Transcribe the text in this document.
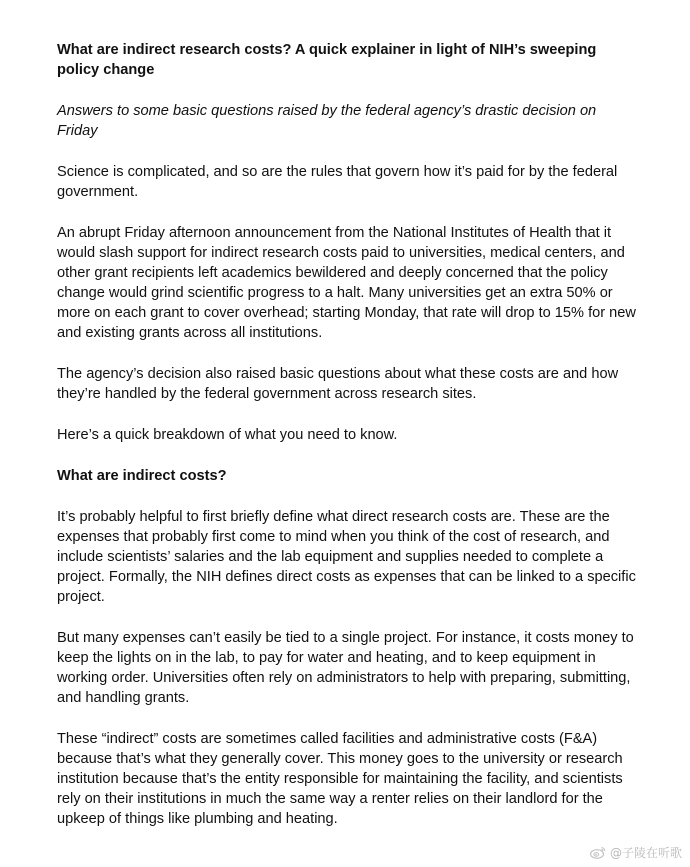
What are indirect research costs? A quick explainer in light of NIH’s sweeping policy change
Answers to some basic questions raised by the federal agency’s drastic decision on Friday

Science is complicated, and so are the rules that govern how it’s paid for by the federal government.

An abrupt Friday afternoon announcement from the National Institutes of Health that it would slash support for indirect research costs paid to universities, medical centers, and other grant recipients left academics bewildered and deeply concerned that the policy change would grind scientific progress to a halt. Many universities get an extra 50% or more on each grant to cover overhead; starting Monday, that rate will drop to 15% for new and existing grants across all institutions.

The agency’s decision also raised basic questions about what these costs are and how they’re handled by the federal government across research sites.

Here’s a quick breakdown of what you need to know.

What are indirect costs?

It’s probably helpful to first briefly define what direct research costs are. These are the expenses that probably first come to mind when you think of the cost of research, and include scientists’ salaries and the lab equipment and supplies needed to complete a project. Formally, the NIH defines direct costs as expenses that can be linked to a specific project.

But many expenses can’t easily be tied to a single project. For instance, it costs money to keep the lights on in the lab, to pay for water and heating, and to keep equipment in working order. Universities often rely on administrators to help with preparing, submitting, and handling grants.

These “indirect” costs are sometimes called facilities and administrative costs (F&A) because that’s what they generally cover. This money goes to the university or research institution because that’s the entity responsible for maintaining the facility, and scientists rely on their institutions in much the same way a renter relies on their landlord for the upkeep of things like plumbing and heating.

@子陵在听歌
